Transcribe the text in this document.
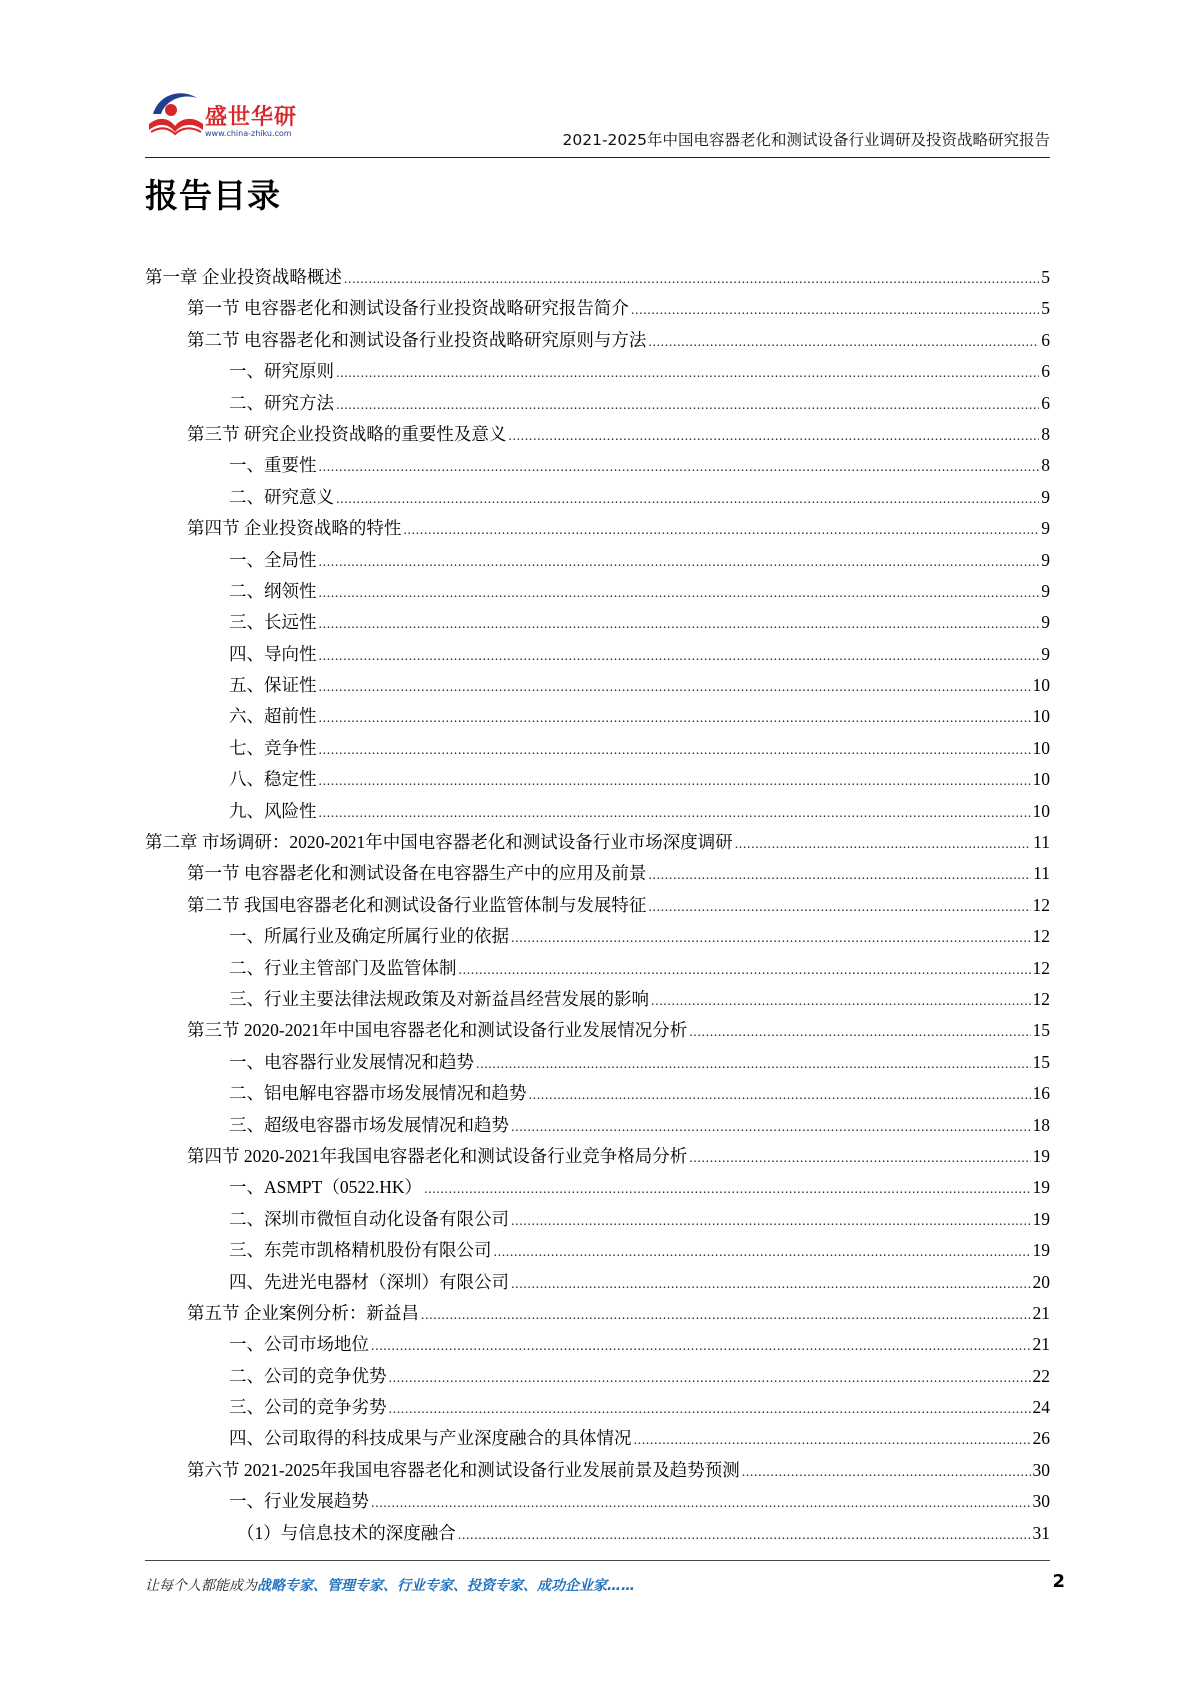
盛世华研
www.china-zhiku.com	2021-2025年中国电容器老化和测试设备行业调研及投资战略研究报告
报告目录
第一章 企业投资战略概述 .....	5
第一节 电容器老化和测试设备行业投资战略研究报告简介 .....	5
第二节 电容器老化和测试设备行业投资战略研究原则与方法 .....	6
一、研究原则 .....	6
二、研究方法 .....	6
第三节 研究企业投资战略的重要性及意义 .....	8
一、重要性 .....	8
二、研究意义 .....	9
第四节 企业投资战略的特性 .....	9
一、全局性 .....	9
二、纲领性 .....	9
三、长远性 .....	9
四、导向性 .....	9
五、保证性 .....	10
六、超前性 .....	10
七、竞争性 .....	10
八、稳定性 .....	10
九、风险性 .....	10
第二章 市场调研：2020-2021年中国电容器老化和测试设备行业市场深度调研 .....	11
第一节 电容器老化和测试设备在电容器生产中的应用及前景 .....	11
第二节 我国电容器老化和测试设备行业监管体制与发展特征 .....	12
一、所属行业及确定所属行业的依据 .....	12
二、行业主管部门及监管体制 .....	12
三、行业主要法律法规政策及对新益昌经营发展的影响 .....	12
第三节 2020-2021年中国电容器老化和测试设备行业发展情况分析 .....	15
一、电容器行业发展情况和趋势 .....	15
二、铝电解电容器市场发展情况和趋势 .....	16
三、超级电容器市场发展情况和趋势 .....	18
第四节 2020-2021年我国电容器老化和测试设备行业竞争格局分析 .....	19
一、ASMPT（0522.HK） .....	19
二、深圳市微恒自动化设备有限公司 .....	19
三、东莞市凯格精机股份有限公司 .....	19
四、先进光电器材（深圳）有限公司 .....	20
第五节 企业案例分析：新益昌 .....	21
一、公司市场地位 .....	21
二、公司的竞争优势 .....	22
三、公司的竞争劣势 .....	24
四、公司取得的科技成果与产业深度融合的具体情况 .....	26
第六节 2021-2025年我国电容器老化和测试设备行业发展前景及趋势预测 .....	30
一、行业发展趋势 .....	30
（1）与信息技术的深度融合 .....	31
让每个人都能成为战略专家、管理专家、行业专家、投资专家、成功企业家……	2
